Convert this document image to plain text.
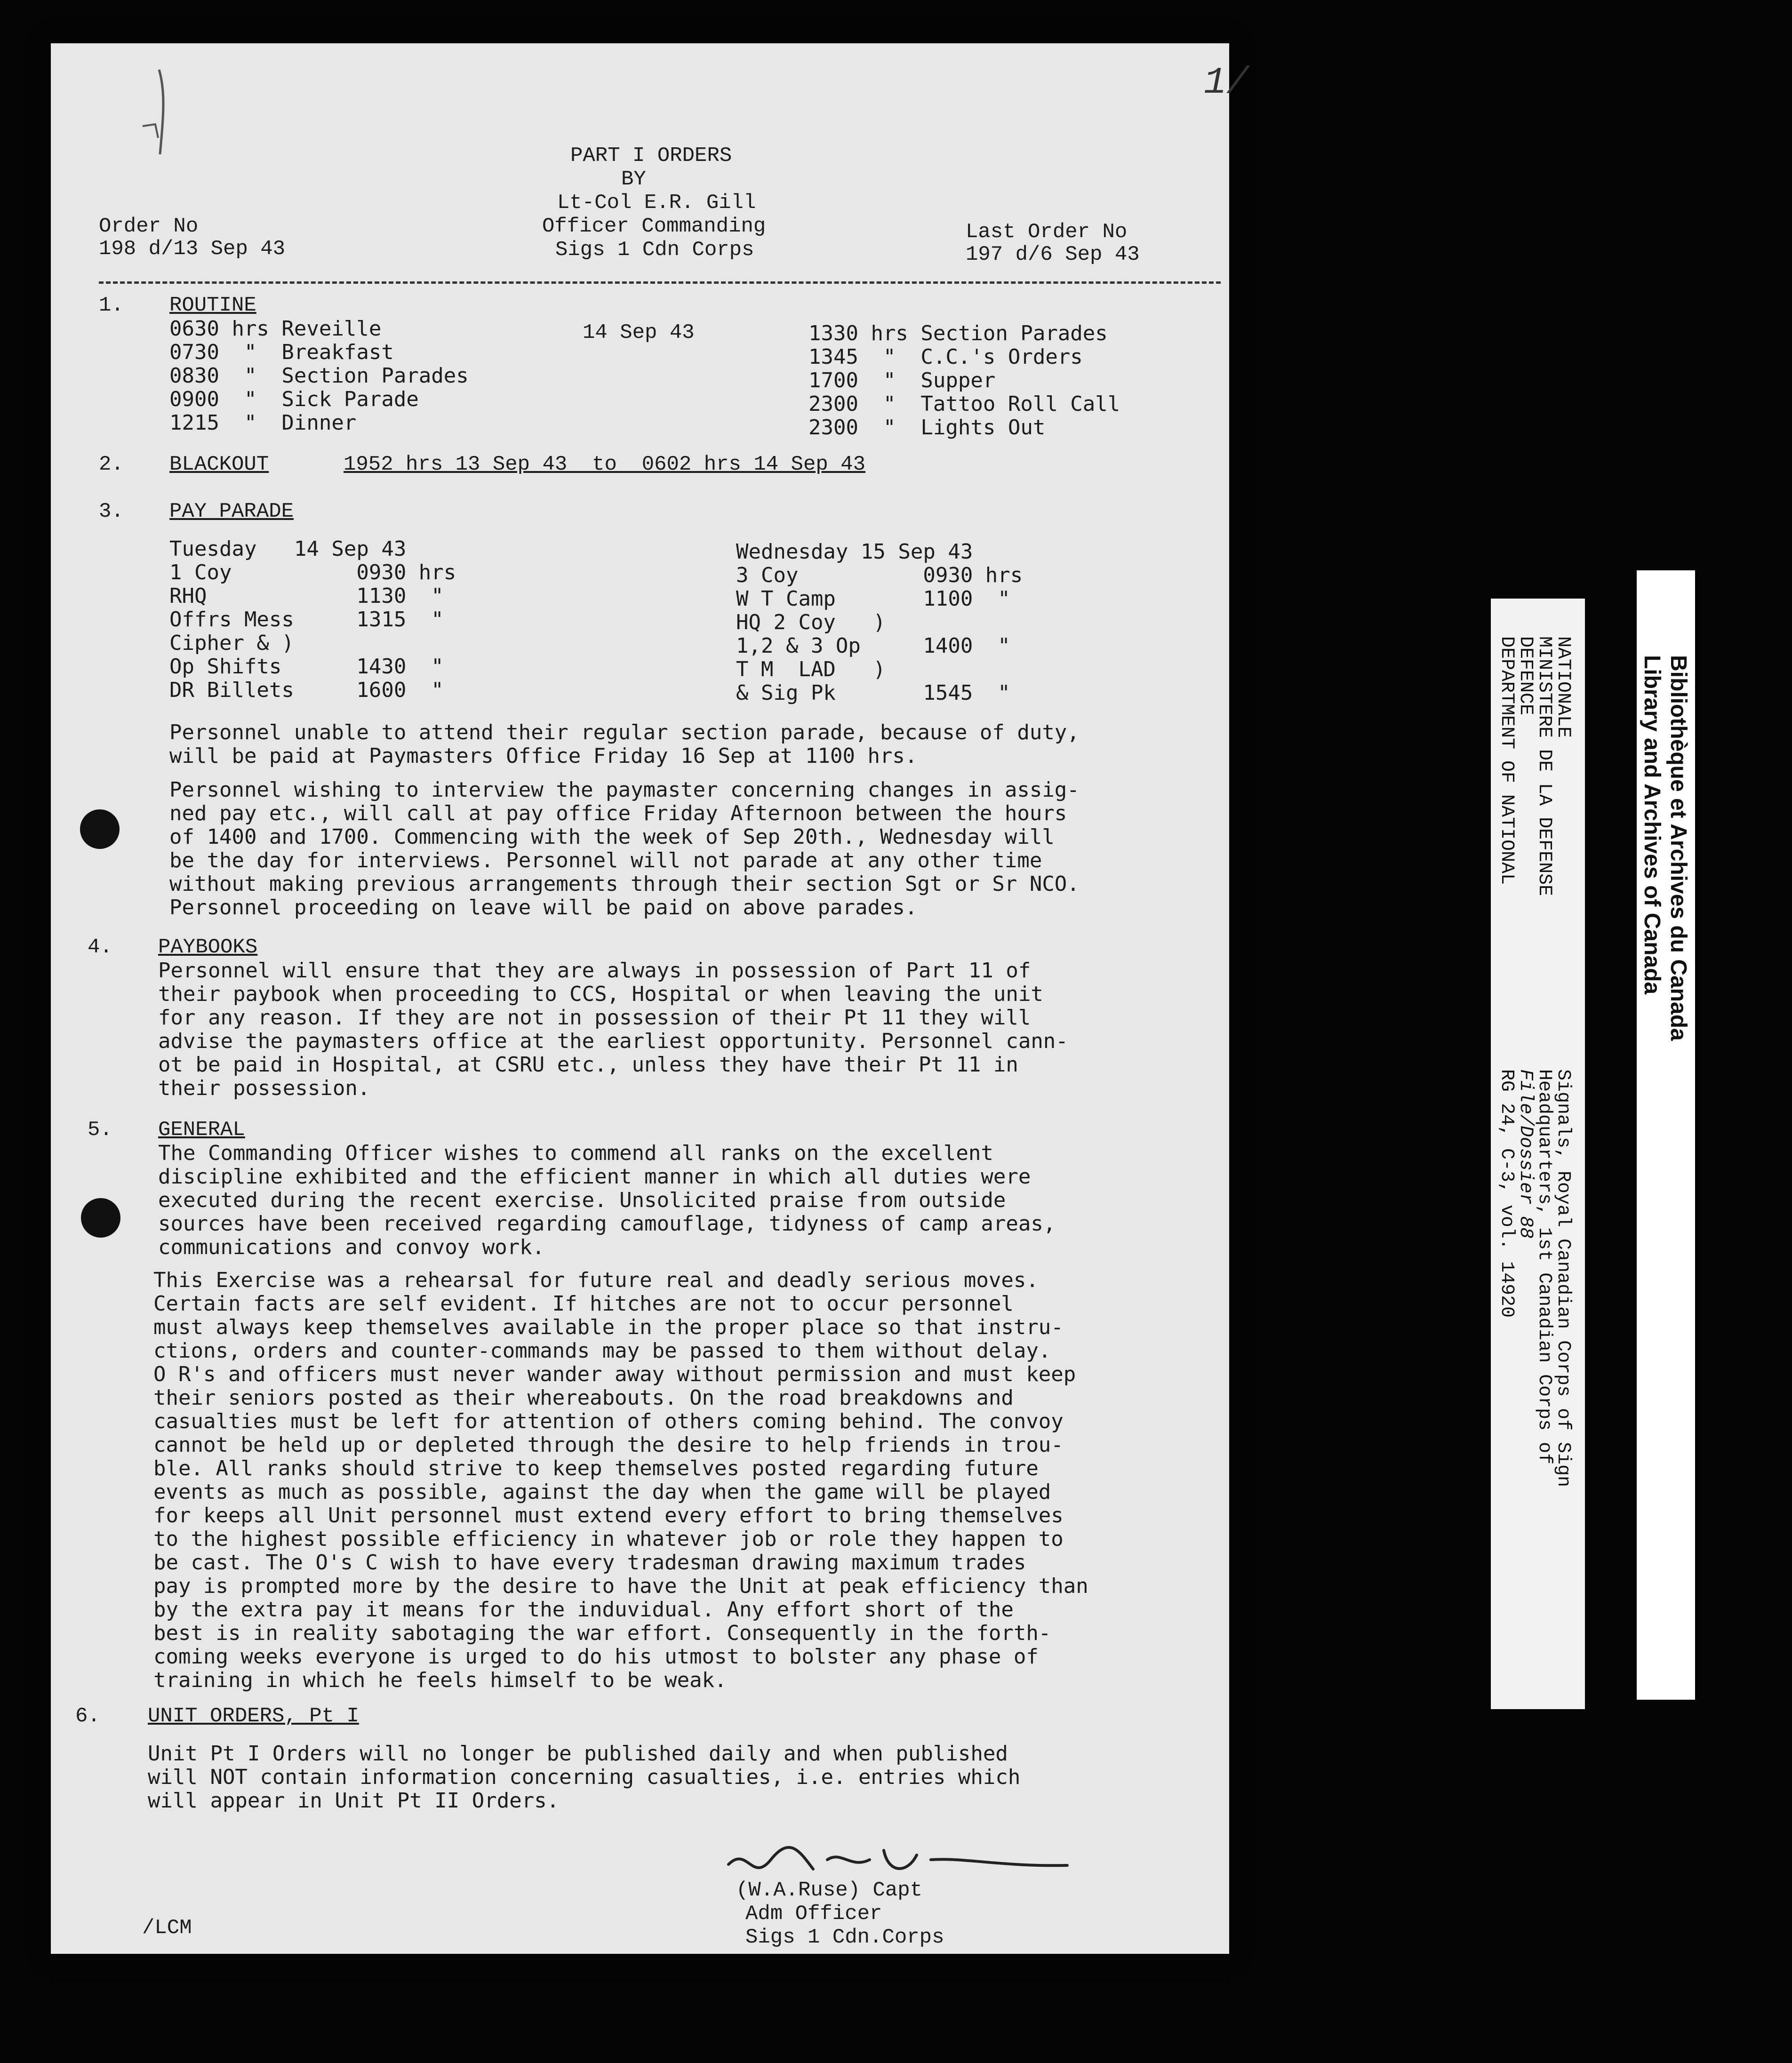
1/
PART I ORDERS
BY
Lt-Col E.R. Gill
Officer Commanding
Sigs 1 Cdn Corps
Order No
198 d/13 Sep 43
Last Order No
197 d/6 Sep 43
1. ROUTINE
0630 hrs Reveille
0730  "  Breakfast
0830  "  Section Parades
0900  "  Sick Parade
1215  "  Dinner
14 Sep 43	1330 hrs Section Parades
1345  "  C.C.'s Orders
1700  "  Supper
2300  "  Tattoo Roll Call
2300  "  Lights Out
2. BLACKOUT	1952 hrs 13 Sep 43  to  0602 hrs 14 Sep 43
3. PAY PARADE
Tuesday   14 Sep 43
1 Coy          0930 hrs
RHQ            1130  "
Offrs Mess     1315  "
Cipher & )
Op Shifts      1430  "
DR Billets     1600  "
Wednesday 15 Sep 43
3 Coy          0930 hrs
W T Camp       1100  "
HQ 2 Coy   )
1,2 & 3 Op     1400  "
T M  LAD   )
& Sig Pk       1545  "
Personnel unable to attend their regular section parade, because of duty,
will be paid at Paymasters Office Friday 16 Sep at 1100 hrs.
Personnel wishing to interview the paymaster concerning changes in assig-
ned pay etc., will call at pay office Friday Afternoon between the hours
of 1400 and 1700. Commencing with the week of Sep 20th., Wednesday will
be the day for interviews. Personnel will not parade at any other time
without making previous arrangements through their section Sgt or Sr NCO.
Personnel proceeding on leave will be paid on above parades.
4. PAYBOOKS
Personnel will ensure that they are always in possession of Part 11 of
their paybook when proceeding to CCS, Hospital or when leaving the unit
for any reason. If they are not in possession of their Pt 11 they will
advise the paymasters office at the earliest opportunity. Personnel cann-
ot be paid in Hospital, at CSRU etc., unless they have their Pt 11 in
their possession.
5. GENERAL
The Commanding Officer wishes to commend all ranks on the excellent
discipline exhibited and the efficient manner in which all duties were
executed during the recent exercise. Unsolicited praise from outside
sources have been received regarding camouflage, tidyness of camp areas,
communications and convoy work.
This Exercise was a rehearsal for future real and deadly serious moves.
Certain facts are self evident. If hitches are not to occur personnel
must always keep themselves available in the proper place so that instru-
ctions, orders and counter-commands may be passed to them without delay.
O R's and officers must never wander away without permission and must keep
their seniors posted as their whereabouts. On the road breakdowns and
casualties must be left for attention of others coming behind. The convoy
cannot be held up or depleted through the desire to help friends in trou-
ble. All ranks should strive to keep themselves posted regarding future
events as much as possible, against the day when the game will be played
for keeps all Unit personnel must extend every effort to bring themselves
to the highest possible efficiency in whatever job or role they happen to
be cast. The O's C wish to have every tradesman drawing maximum trades
pay is prompted more by the desire to have the Unit at peak efficiency than
by the extra pay it means for the induvidual. Any effort short of the
best is in reality sabotaging the war effort. Consequently in the forth-
coming weeks everyone is urged to do his utmost to bolster any phase of
training in which he feels himself to be weak.
6. UNIT ORDERS, Pt I
Unit Pt I Orders will no longer be published daily and when published
will NOT contain information concerning casualties, i.e. entries which
will appear in Unit Pt II Orders.
(W.A.Ruse) Capt
Adm Officer
Sigs 1 Cdn.Corps
/LCM
DEPARTMENT OF NATIONAL
DEFENCE
MINISTERE DE LA DEFENSE
NATIONALE
RG 24, C-3, vol. 14920
File/Dossier 88
Headquarters, 1st Canadian Corps of
Signals, Royal Canadian Corps of Sign
Library and Archives of Canada Bibliothèque et Archives du Canada
